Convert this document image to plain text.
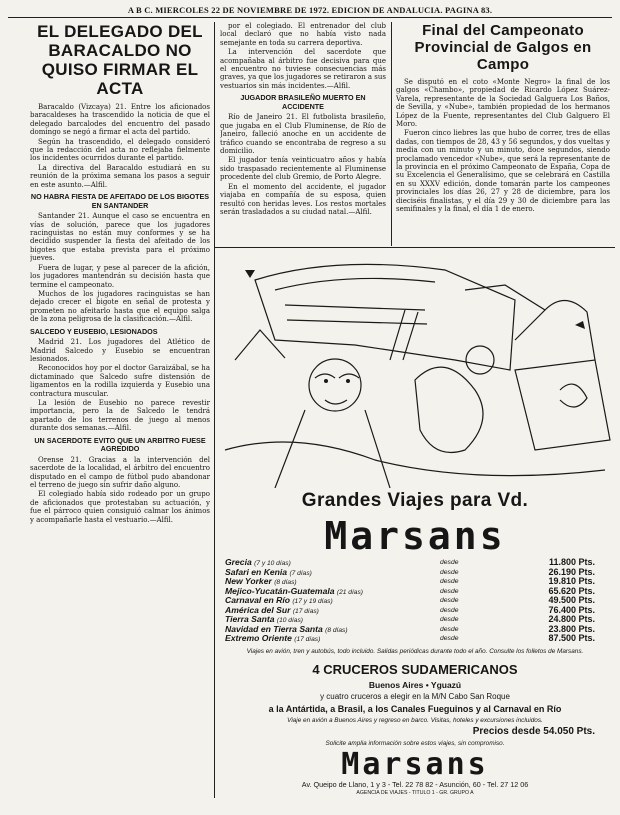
A B C. MIERCOLES 22 DE NOVIEMBRE DE 1972. EDICION DE ANDALUCIA. PAGINA 83.
EL DELEGADO DEL BARACALDO NO QUISO FIRMAR EL ACTA

Baracaldo (Vizcaya) 21. Entre los aficionados baracaldeses ha trascendido la noticia de que el delegado barcalodes del encuentro del pasado domingo se negó a firmar el acta del partido.

Según ha trascendido, el delegado consideró que la redacción del acta no reflejaba fielmente los incidentes ocurridos durante el partido.

La directiva del Baracaldo estudiará en su reunión de la próxima semana los pasos a seguir en este asunto.—Alfil.

NO HABRA FIESTA DE AFEITADO DE LOS BIGOTES EN SANTANDER

Santander 21. Aunque el caso se encuentra en vías de solución, parece que los jugadores racinguistas no están muy conformes y se ha decidido suspender la fiesta del afeitado de los bigotes que estaba prevista para el próximo jueves.

Fuera de lugar, y pese al parecer de la afición, los jugadores mantendrán su decisión hasta que termine el campeonato.

Muchos de los jugadores racinguistas se han dejado crecer el bigote en señal de protesta y prometen no afeitarlo hasta que el equipo salga de la zona peligrosa de la clasificación.—Alfil.

SALCEDO Y EUSEBIO, LESIONADOS

Madrid 21. Los jugadores del Atlético de Madrid Salcedo y Eusebio se encuentran lesionados.

Reconocidos hoy por el doctor Garaizábal, se ha dictaminado que Salcedo sufre distensión de ligamentos en la rodilla izquierda y Eusebio una contractura muscular.

La lesión de Eusebio no parece revestir importancia, pero la de Salcedo le tendrá apartado de los terrenos de juego al menos durante dos semanas.—Alfil.

UN SACERDOTE EVITO QUE UN ARBITRO FUESE AGREDIDO

Orense 21. Gracias a la intervención del sacerdote de la localidad, el árbitro del encuentro disputado en el campo de fútbol pudo abandonar el terreno de juego sin sufrir daño alguno.

El colegiado había sido rodeado por un grupo de aficionados que protestaban su actuación, y fue el párroco quien consiguió calmar los ánimos y acompañarle hasta el vestuario.—Alfil.

por el colegiado. El entrenador del club local declaró que no había visto nada semejante en toda su carrera deportiva.

La intervención del sacerdote que acompañaba al árbitro fue decisiva para que el encuentro no tuviese consecuencias más graves, ya que los jugadores se retiraron a sus vestuarios sin más incidentes.—Alfil.

JUGADOR BRASILEÑO MUERTO EN ACCIDENTE

Río de Janeiro 21. El futbolista brasileño, que jugaba en el Club Fluminense, de Río de Janeiro, falleció anoche en un accidente de tráfico cuando se encontraba de regreso a su domicilio.

El jugador tenía veinticuatro años y había sido traspasado recientemente al Fluminense procedente del club Gremio, de Porto Alegre.

En el momento del accidente, el jugador viajaba en compañía de su esposa, quien resultó con heridas leves. Los restos mortales serán trasladados a su ciudad natal.—Alfil.

Final del Campeonato Provincial de Galgos en Campo

Se disputó en el coto «Monte Negro» la final de los galgos «Chambo», propiedad de Ricardo López Suárez-Varela, representante de la Sociedad Galguera Los Baños, de Sevilla, y «Nube», también propiedad de los hermanos López de la Fuente, representantes del Club Galguero El Moro.

Fueron cinco liebres las que hubo de correr, tres de ellas dadas, con tiempos de 28, 43 y 56 segundos, y dos vueltas y media con un minuto y un minuto, doce segundos, siendo proclamado vencedor «Nube», que será la representante de la provincia en el próximo Campeonato de España, Copa de su Excelencia el Generalísimo, que se celebrará en Castilla en su XXXV edición, donde tomarán parte los campeones provinciales los días 26, 27 y 28 de diciembre, para los dieciséis finalistas, y el día 29 y 30 de diciembre para las semifinales y la final, el día 1 de enero.

Grandes Viajes para Vd.
Marsans
Grecia (7 y 10 días)	desde	11.800 Pts.
Safari en Kenia (7 días)	desde	26.190 Pts.
New Yorker (8 días)	desde	19.810 Pts.
Mejico-Yucatán-Guatemala (21 días)	desde	65.620 Pts.
Carnaval en Río (17 y 19 días)	desde	49.500 Pts.
América del Sur (17 días)	desde	76.400 Pts.
Tierra Santa (10 días)	desde	24.800 Pts.
Navidad en Tierra Santa (8 días)	desde	23.800 Pts.
Extremo Oriente (17 días)	desde	87.500 Pts.
Viajes en avión, tren y autobús, todo incluido. Salidas periódicas durante todo el año. Consulte los folletos de Marsans.
4 CRUCEROS SUDAMERICANOS
Buenos Aires • Yguazú
y cuatro cruceros a elegir en la M/N Cabo San Roque
a la Antártida, a Brasil, a los Canales Fueguinos y al Carnaval en Río
Viaje en avión a Buenos Aires y regreso en barco. Visitas, hoteles y excursiones incluidos.
Precios desde 54.050 Pts.
Solicite amplia información sobre estos viajes, sin compromiso.
Marsans
Av. Queipo de Llano, 1 y 3 - Tel. 22 78 82 - Asunción, 60 - Tel. 27 12 06
AGENCIA DE VIAJES - TITULO 1 - GR. GRUPO A
